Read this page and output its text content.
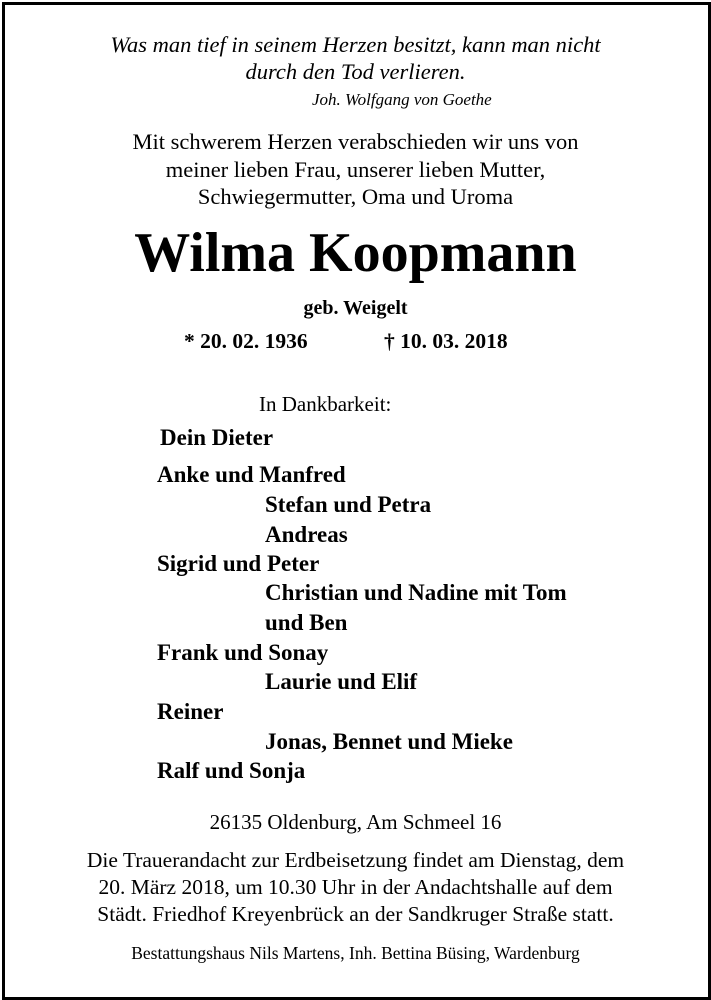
Was man tief in seinem Herzen besitzt, kann man nicht
durch den Tod verlieren.
Joh. Wolfgang von Goethe
Mit schwerem Herzen verabschieden wir uns von
meiner lieben Frau, unserer lieben Mutter,
Schwiegermutter, Oma und Uroma
Wilma Koopmann
geb. Weigelt
* 20. 02. 1936	† 10. 03. 2018
In Dankbarkeit:
Dein Dieter
Anke und Manfred
Stefan und Petra
Andreas
Sigrid und Peter
Christian und Nadine mit Tom
und Ben
Frank und Sonay
Laurie und Elif
Reiner
Jonas, Bennet und Mieke
Ralf und Sonja
26135 Oldenburg, Am Schmeel 16
Die Trauerandacht zur Erdbeisetzung findet am Dienstag, dem
20. März 2018, um 10.30 Uhr in der Andachtshalle auf dem
Städt. Friedhof Kreyenbrück an der Sandkruger Straße statt.
Bestattungshaus Nils Martens, Inh. Bettina Büsing, Wardenburg
